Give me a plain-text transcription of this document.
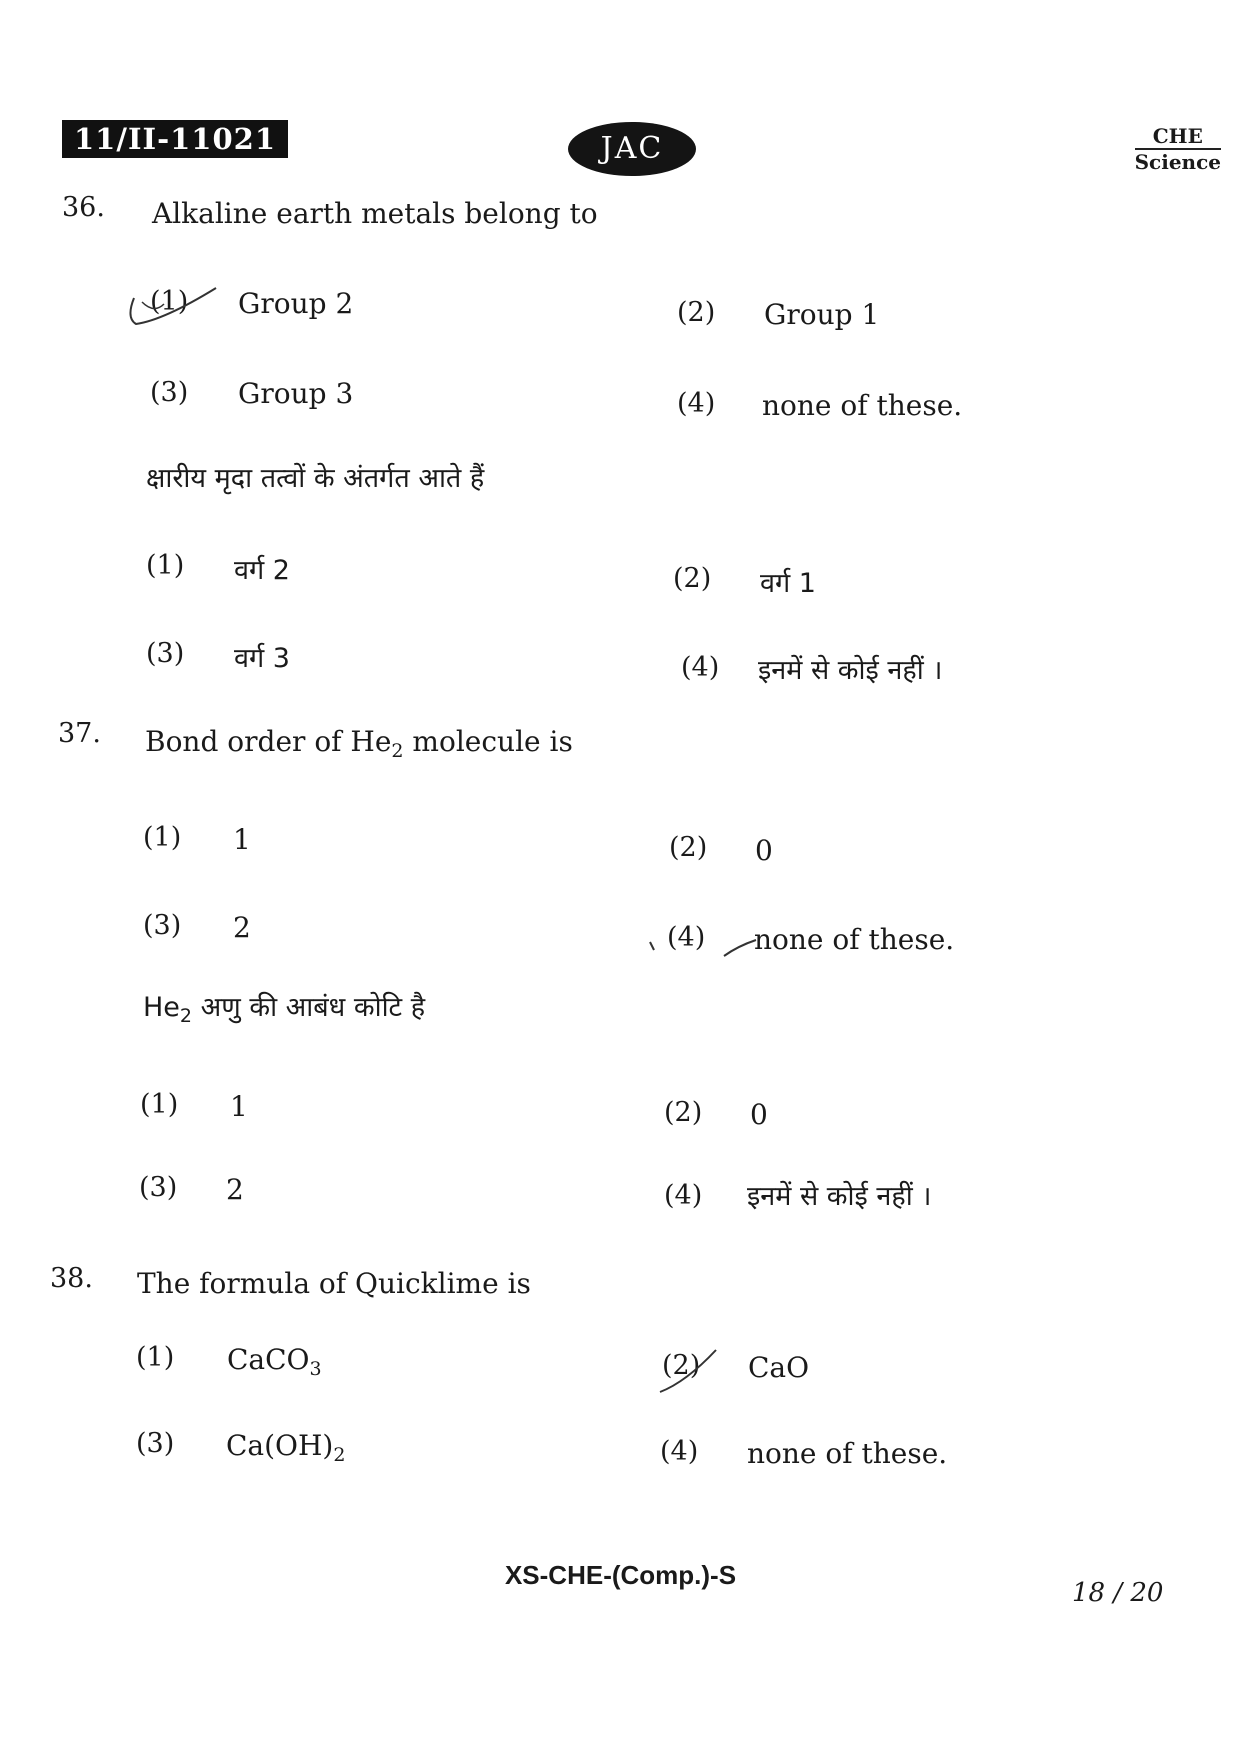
11/II-11021	JAC	CHE
Science
36. Alkaline earth metals belong to
(1) Group 2	(2) Group 1
(3) Group 3	(4) none of these.
क्षारीय मृदा तत्वों के अंतर्गत आते हैं
(1) वर्ग 2	(2) वर्ग 1
(3) वर्ग 3	(4) इनमें से कोई नहीं ।
37. Bond order of $He_2$ molecule is
(1) 1	(2) 0
(3) 2	(4) none of these.
$He_2$ अणु की आबंध कोटि है
(1) 1	(2) 0
(3) 2	(4) इनमें से कोई नहीं ।
38. The formula of Quicklime is
(1) CaCO$_3$	(2) CaO
(3) $Ca(OH)_2$	(4) none of these.
XS-CHE-(Comp.)-S
18 / 20
